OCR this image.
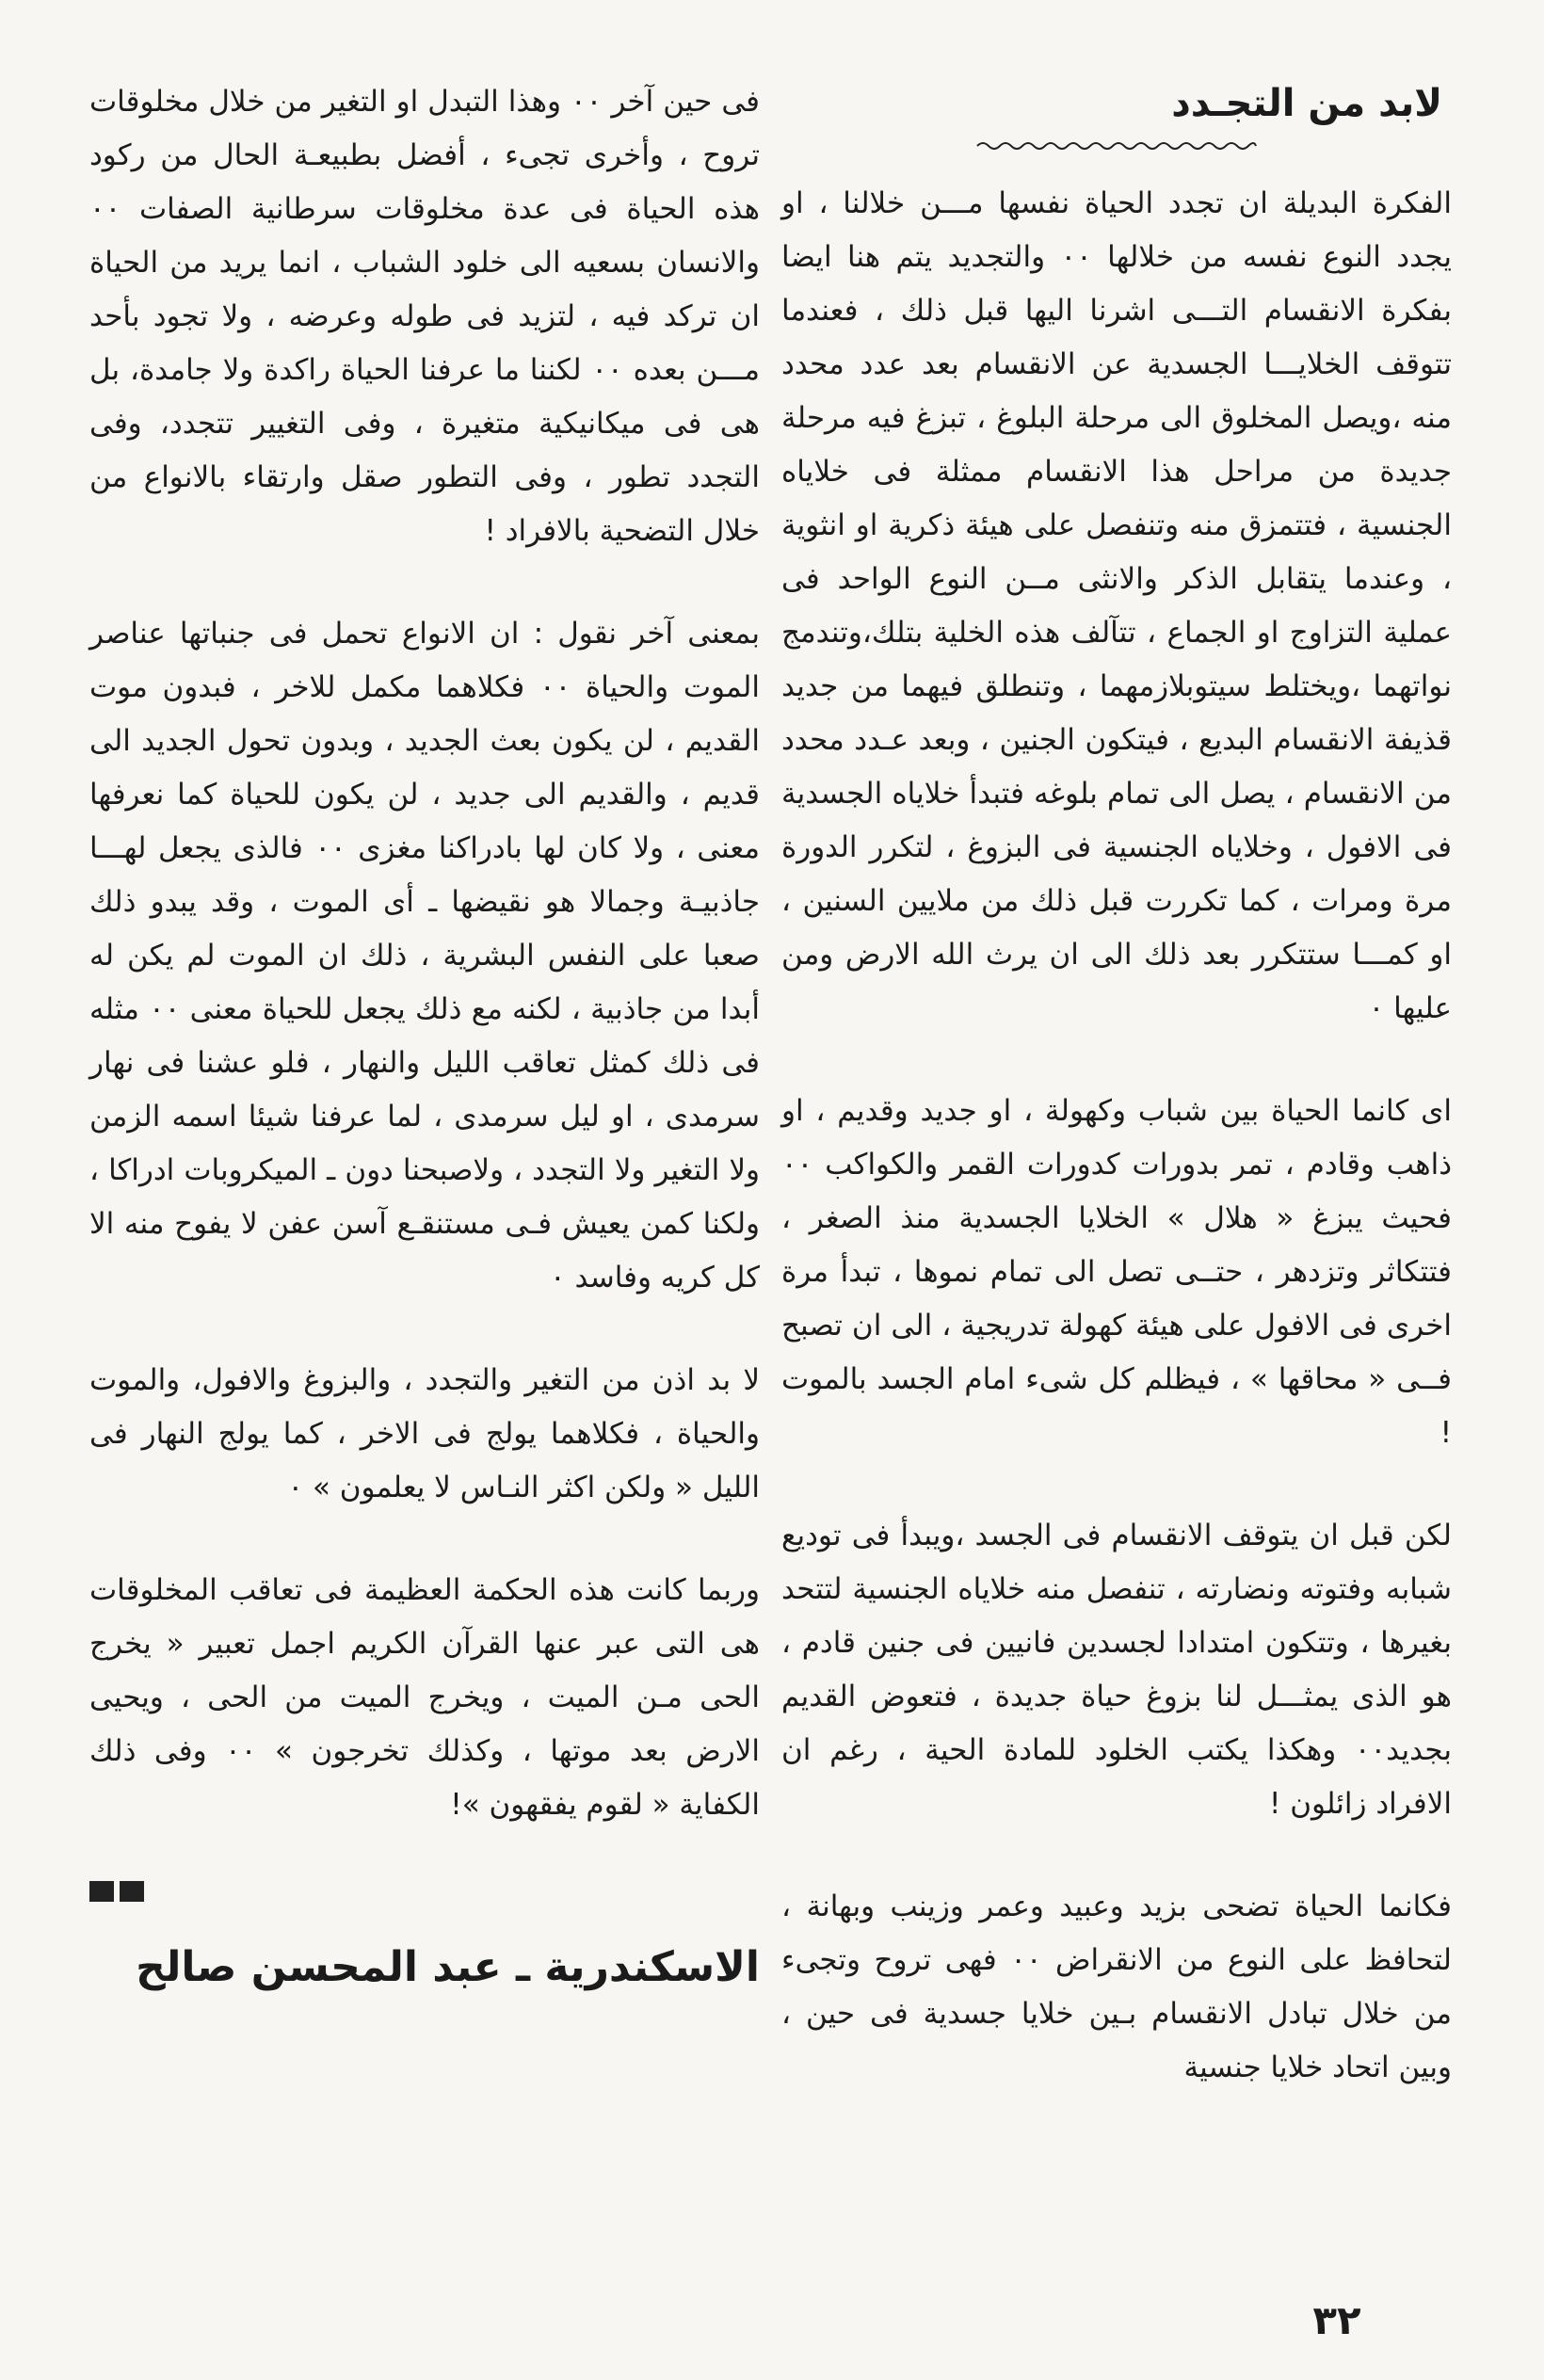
لابد من التجـدد

الفكرة البديلة ان تجدد الحياة نفسها مـــن خلالنا ، او يجدد النوع نفسه من خلالها ٠٠ والتجديد يتم هنا ايضا بفكرة الانقسام التـــى اشرنا اليها قبل ذلك ، فعندما تتوقف الخلايـــا الجسدية عن الانقسام بعد عدد محدد منه ،ويصل المخلوق الى مرحلة البلوغ ، تبزغ فيه مرحلة جديدة من مراحل هذا الانقسام ممثلة فى خلاياه الجنسية ، فتتمزق منه وتنفصل على هيئة ذكرية او انثوية ، وعندما يتقابل الذكر والانثى مــن النوع الواحد فى عملية التزاوج او الجماع ، تتآلف هذه الخلية بتلك،وتندمج نواتهما ،ويختلط سيتوبلازمهما ، وتنطلق فيهما من جديد قذيفة الانقسام البديع ، فيتكون الجنين ، وبعد عـدد محدد من الانقسام ، يصل الى تمام بلوغه فتبدأ خلاياه الجسدية فى الافول ، وخلاياه الجنسية فى البزوغ ، لتكرر الدورة مرة ومرات ، كما تكررت قبل ذلك من ملايين السنين ، او كمـــا ستتكرر بعد ذلك الى ان يرث الله الارض ومن عليها ٠

اى كانما الحياة بين شباب وكهولة ، او جديد وقديم ، او ذاهب وقادم ، تمر بدورات كدورات القمر والكواكب ٠٠ فحيث يبزغ « هلال » الخلايا الجسدية منذ الصغر ، فتتكاثر وتزدهر ، حتــى تصل الى تمام نموها ، تبدأ مرة اخرى فى الافول على هيئة كهولة تدريجية ، الى ان تصبح فــى « محاقها » ، فيظلم كل شىء امام الجسد بالموت !

لكن قبل ان يتوقف الانقسام فى الجسد ،ويبدأ فى توديع شبابه وفتوته ونضارته ، تنفصل منه خلاياه الجنسية لتتحد بغيرها ، وتتكون امتدادا لجسدين فانيين فى جنين قادم ، هو الذى يمثـــل لنا بزوغ حياة جديدة ، فتعوض القديم بجديد٠٠ وهكذا يكتب الخلود للمادة الحية ، رغم ان الافراد زائلون !

فكانما الحياة تضحى بزيد وعبيد وعمر وزينب وبهانة ، لتحافظ على النوع من الانقراض ٠٠ فهى تروح وتجىء من خلال تبادل الانقسام بـين خلايا جسدية فى حين ، وبين اتحاد خلايا جنسية

فى حين آخر ٠٠ وهذا التبدل او التغير من خلال مخلوقات تروح ، وأخرى تجىء ، أفضل بطبيعـة الحال من ركود هذه الحياة فى عدة مخلوقات سرطانية الصفات ٠٠ والانسان بسعيه الى خلود الشباب ، انما يريد من الحياة ان تركد فيه ، لتزيد فى طوله وعرضه ، ولا تجود بأحد مـــن بعده ٠٠ لكننا ما عرفنا الحياة راكدة ولا جامدة، بل هى فى ميكانيكية متغيرة ، وفى التغيير تتجدد، وفى التجدد تطور ، وفى التطور صقل وارتقاء بالانواع من خلال التضحية بالافراد !

بمعنى آخر نقول : ان الانواع تحمل فى جنباتها عناصر الموت والحياة ٠٠ فكلاهما مكمل للاخر ، فبدون موت القديم ، لن يكون بعث الجديد ، وبدون تحول الجديد الى قديم ، والقديم الى جديد ، لن يكون للحياة كما نعرفها معنى ، ولا كان لها بادراكنا مغزى ٠٠ فالذى يجعل لهـــا جاذبيـة وجمالا هو نقيضها ـ أى الموت ، وقد يبدو ذلك صعبا على النفس البشرية ، ذلك ان الموت لم يكن له أبدا من جاذبية ، لكنه مع ذلك يجعل للحياة معنى ٠٠ مثله فى ذلك كمثل تعاقب الليل والنهار ، فلو عشنا فى نهار سرمدى ، او ليل سرمدى ، لما عرفنا شيئا اسمه الزمن ولا التغير ولا التجدد ، ولاصبحنا دون ـ الميكروبات ادراكا ، ولكنا كمن يعيش فـى مستنقـع آسن عفن لا يفوح منه الا كل كريه وفاسد ٠

لا بد اذن من التغير والتجدد ، والبزوغ والافول، والموت والحياة ، فكلاهما يولج فى الاخر ، كما يولج النهار فى الليل « ولكن اكثر النـاس لا يعلمون » ٠

وربما كانت هذه الحكمة العظيمة فى تعاقب المخلوقات هى التى عبر عنها القرآن الكريم اجمل تعبير « يخرج الحى مـن الميت ، ويخرج الميت من الحى ، ويحيى الارض بعد موتها ، وكذلك تخرجون » ٠٠ وفى ذلك الكفاية « لقوم يفقهون »!

الاسكندرية ـ عبد المحسن صالح
٣٢
